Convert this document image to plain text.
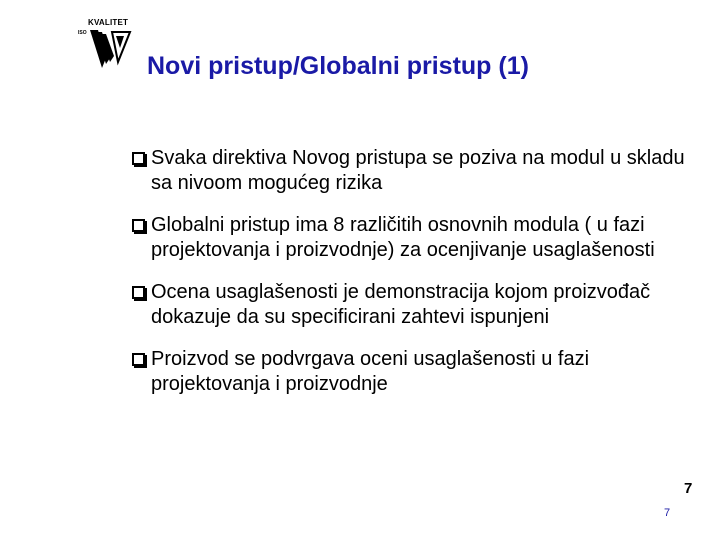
KVALITET
ISO
Novi pristup/Globalni pristup (1)
Svaka direktiva Novog pristupa se poziva na modul u skladu sa nivoom mogućeg rizika
Globalni pristup ima 8 različitih osnovnih modula ( u fazi projektovanja i proizvodnje) za ocenjivanje usaglašenosti
Ocena usaglašenosti je demonstracija kojom proizvođač dokazuje da su specificirani zahtevi ispunjeni
Proizvod se podvrgava oceni usaglašenosti u fazi projektovanja i proizvodnje
7
7
